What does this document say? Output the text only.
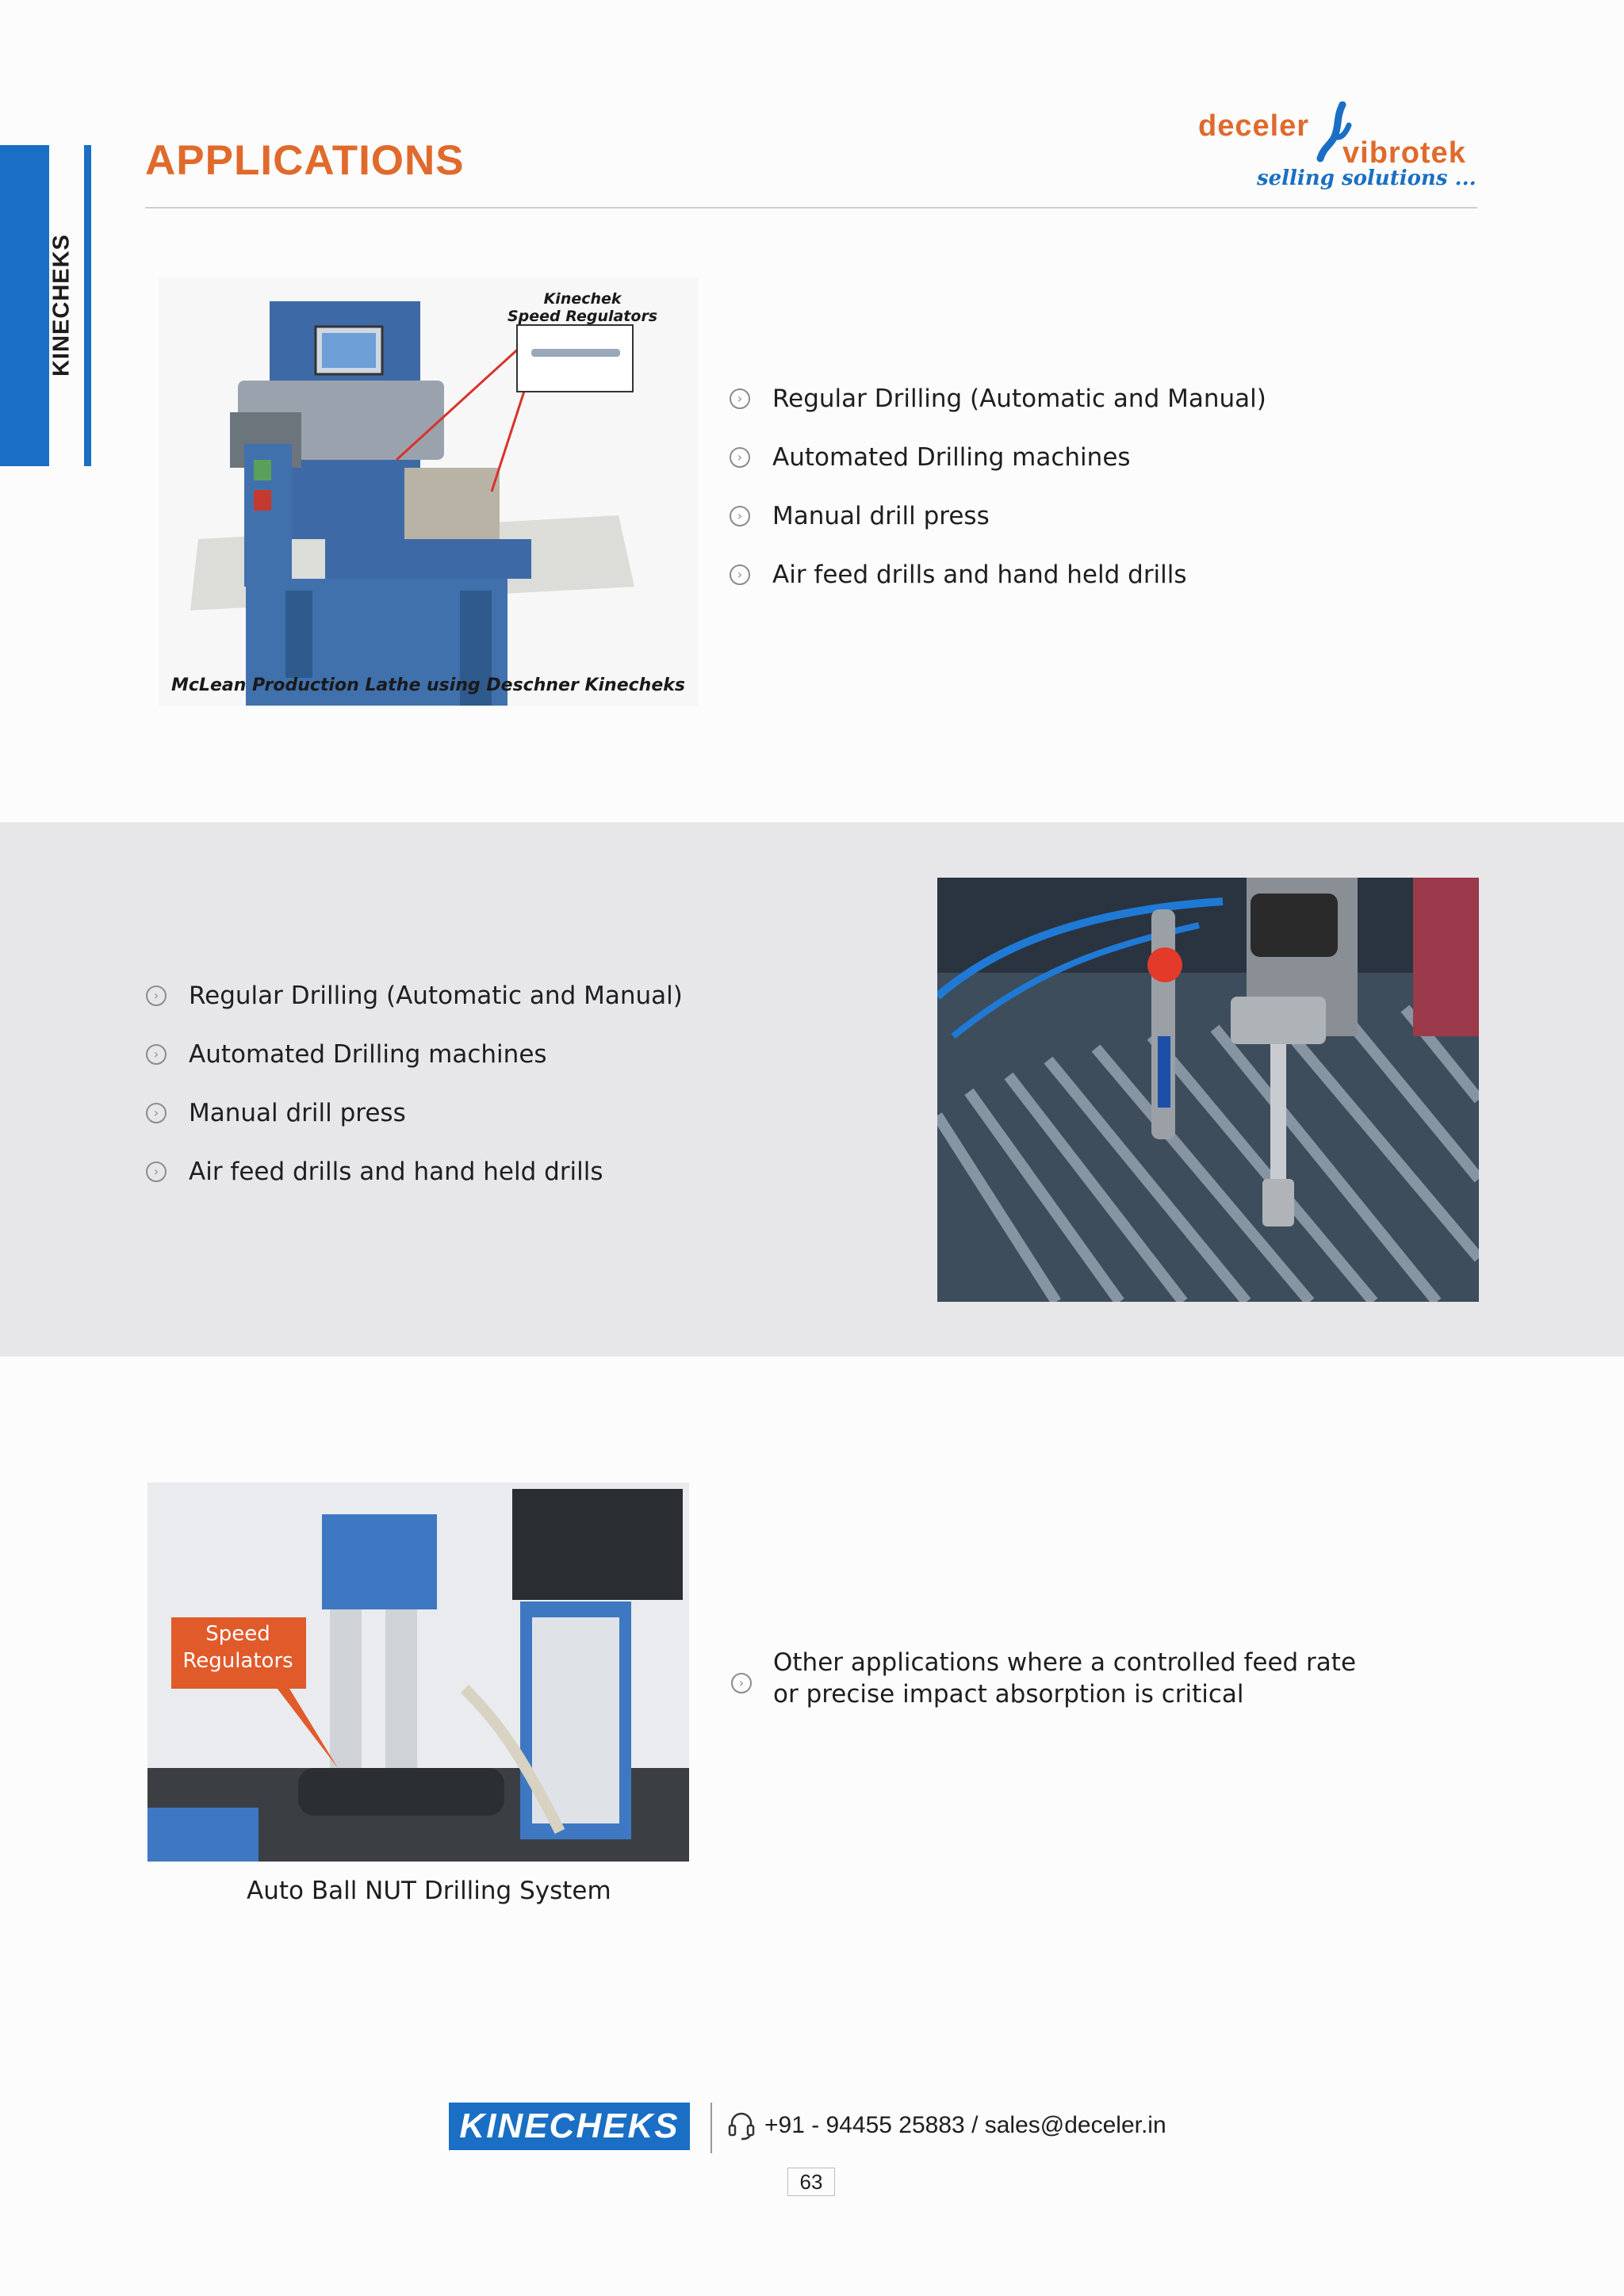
KINECHEKS
APPLICATIONS
deceler
vibrotek
selling solutions ...
Kinechek
Speed Regulators
McLean Production Lathe using Deschner Kinecheks
›	Regular Drilling (Automatic and Manual)
›	Automated Drilling machines
›	Manual drill press
›	Air feed drills and hand held drills
›	Regular Drilling (Automatic and Manual)
›	Automated Drilling machines
›	Manual drill press
›	Air feed drills and hand held drills
Speed Regulators
Auto Ball NUT Drilling System
›
Other applications where a controlled feed rate or precise impact absorption is critical
KINECHEKS	+91 - 94455 25883 / sales@deceler.in
63
